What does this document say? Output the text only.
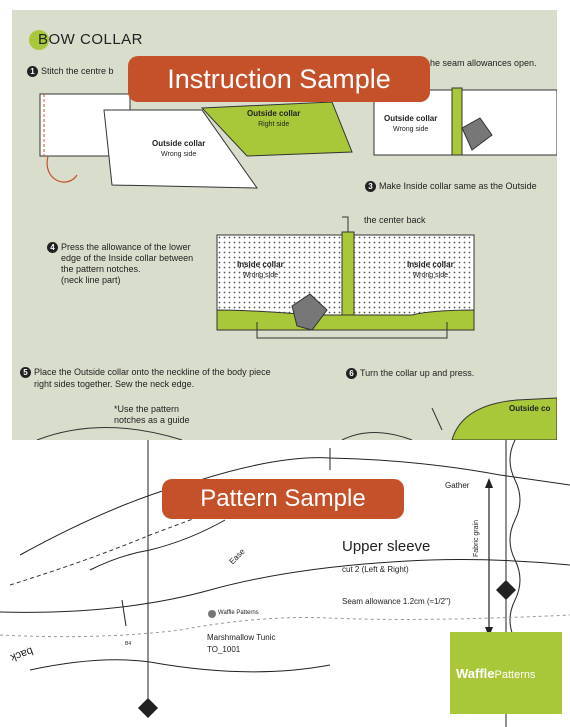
BOW COLLAR
1 Stitch the centre b
he seam allowances open.
3 Make Inside collar same as the Outside
the center back
4 Press the allowance of the lower
edge of the Inside collar between
the pattern notches.
(neck line part)
5 Place the Outside collar onto the neckline of the body piece
right sides together. Sew the neck edge.
6 Turn the collar up and press.
*Use the pattern
notches as a guide
Outside collar
Wrong side
Outside collar
Right side
Outside collar
Wrong side
Inside collar
Wrong side
Inside collar
Wrong side
Outside co
Instruction Sample
Pattern Sample
Upper sleeve
cut 2 (Left & Right)
Seam allowance 1.2cm (≈1/2")
Gather
Ease	Fabric grain
back
Waffle Patterns
Marshmallow Tunic
TO_1001
B4
WafflePatterns
